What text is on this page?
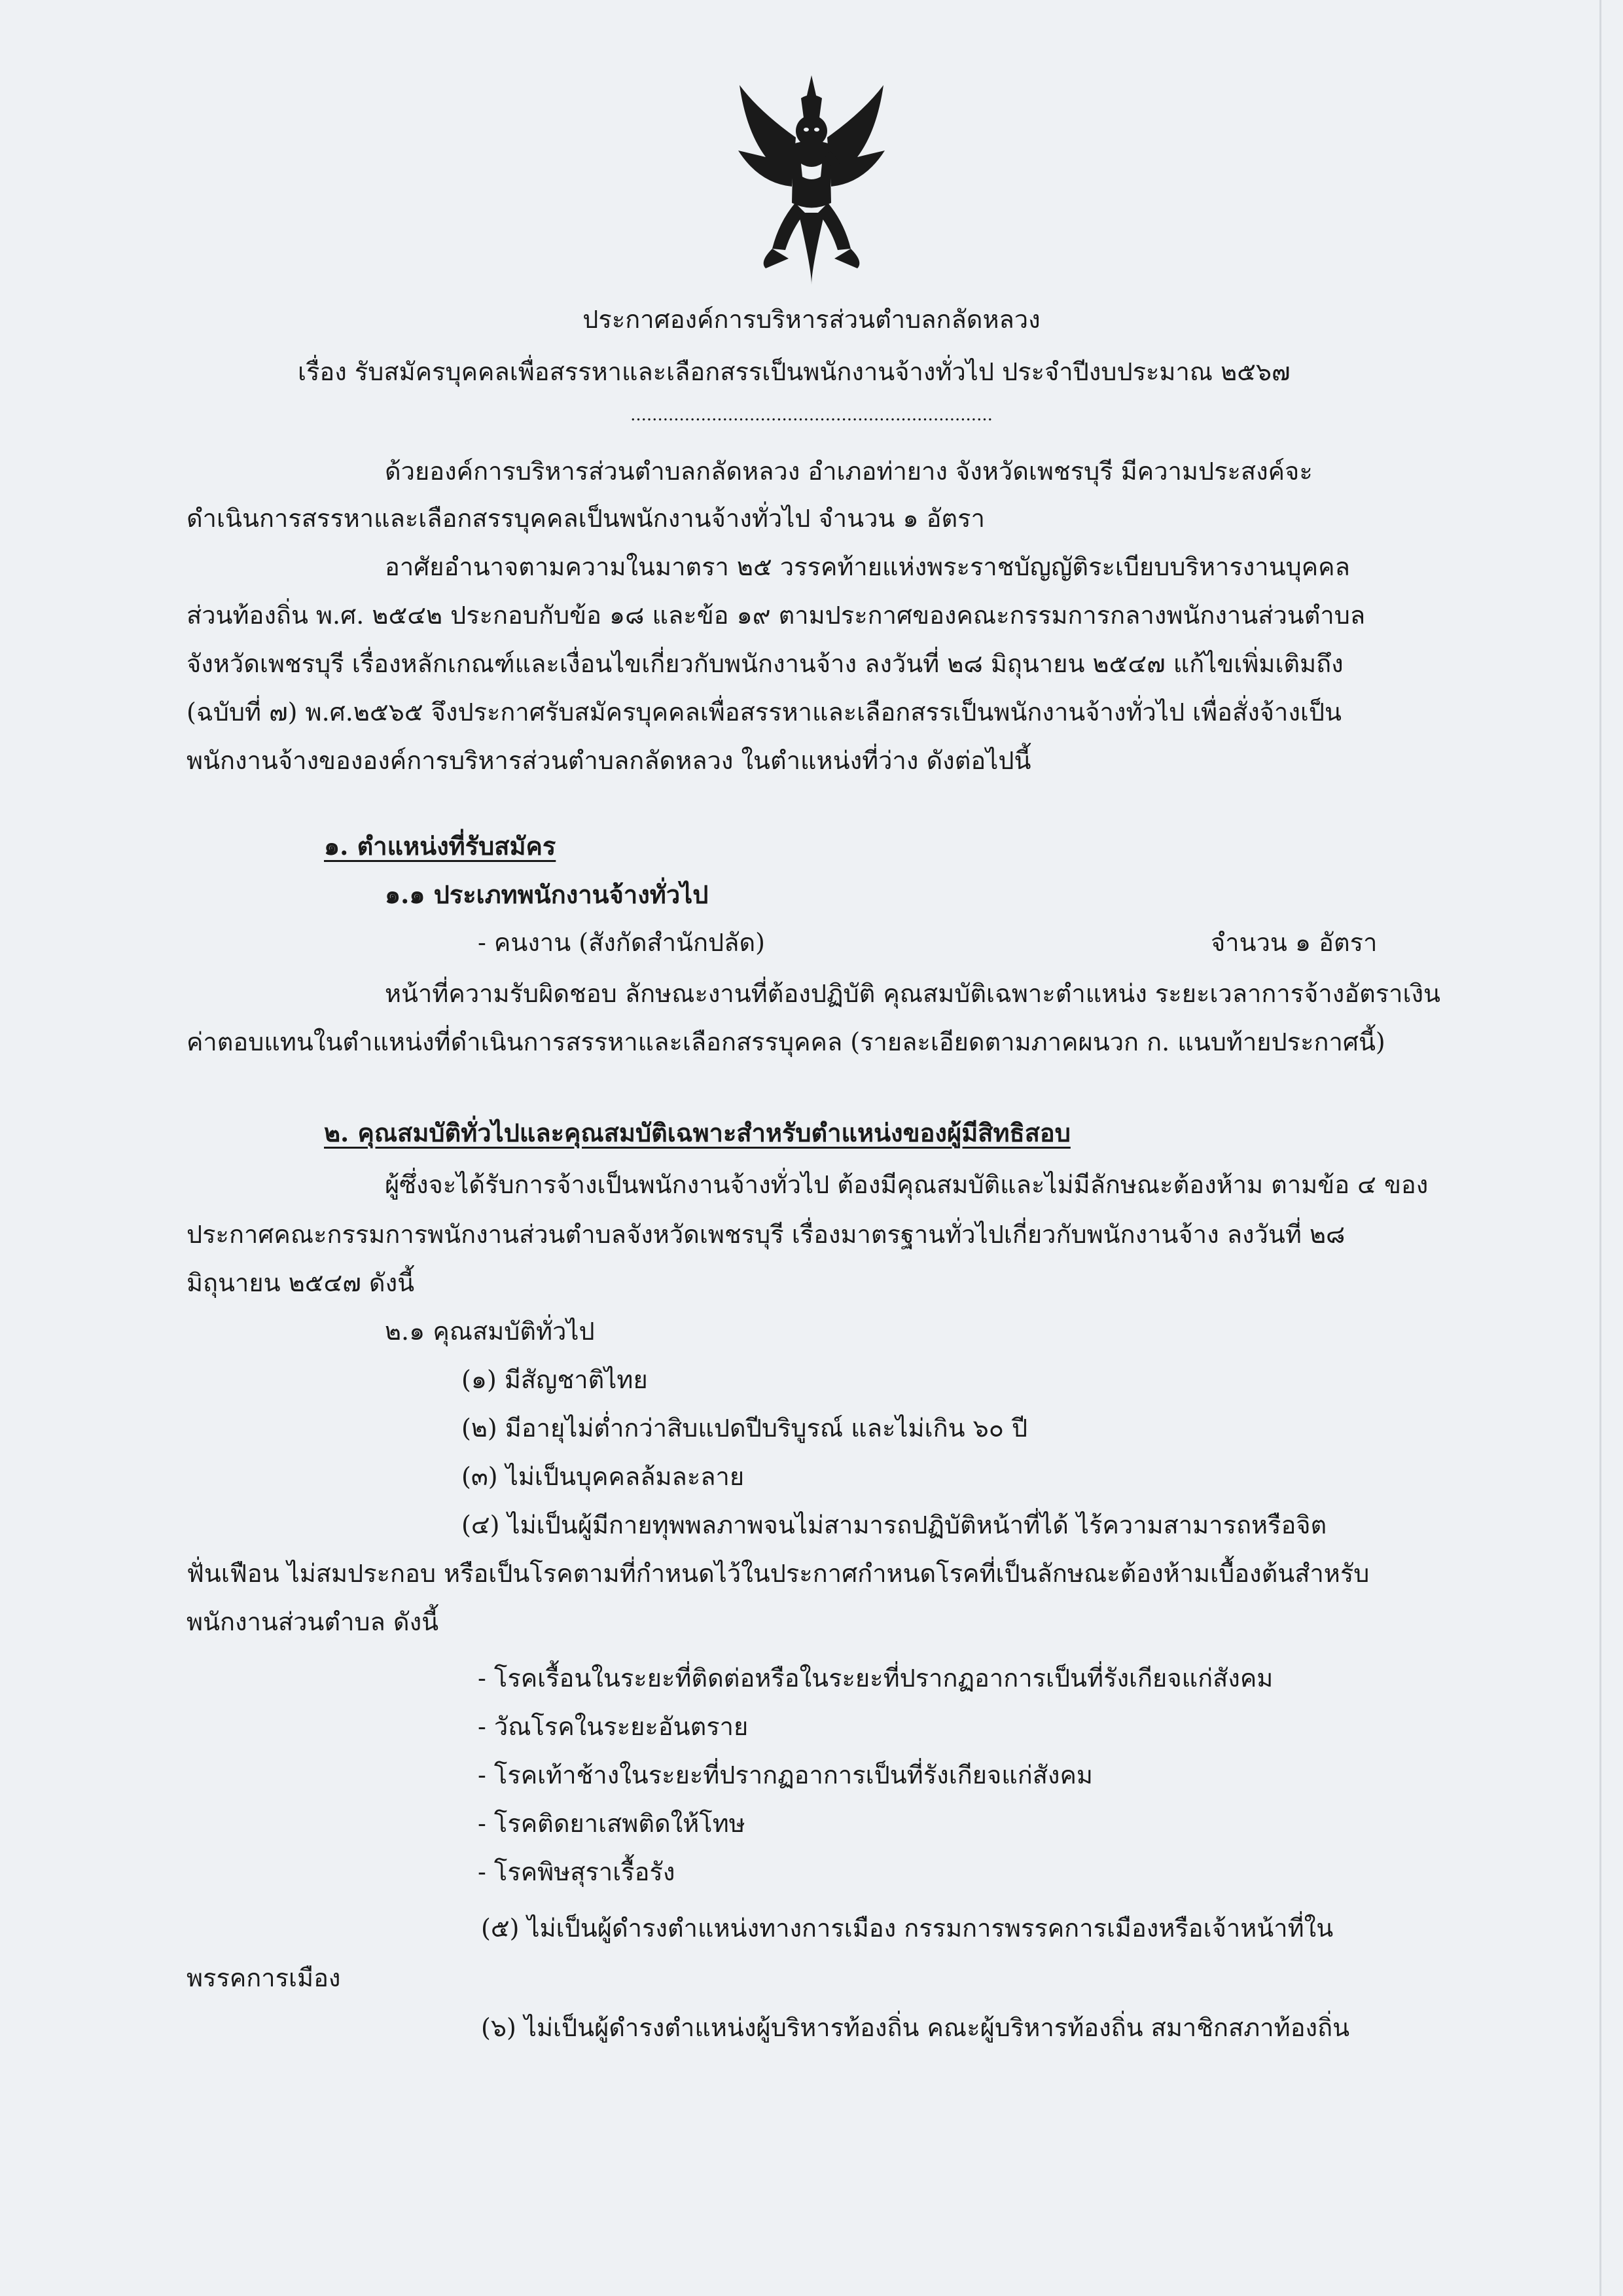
ประกาศองค์การบริหารส่วนตำบลกลัดหลวง
เรื่อง รับสมัครบุคคลเพื่อสรรหาและเลือกสรรเป็นพนักงานจ้างทั่วไป ประจำปีงบประมาณ ๒๕๖๗
...................................................................
ด้วยองค์การบริหารส่วนตำบลกลัดหลวง อำเภอท่ายาง จังหวัดเพชรบุรี มีความประสงค์จะ
ดำเนินการสรรหาและเลือกสรรบุคคลเป็นพนักงานจ้างทั่วไป จำนวน ๑ อัตรา
อาศัยอำนาจตามความในมาตรา ๒๕ วรรคท้ายแห่งพระราชบัญญัติระเบียบบริหารงานบุคคล
ส่วนท้องถิ่น พ.ศ. ๒๕๔๒ ประกอบกับข้อ ๑๘ และข้อ ๑๙ ตามประกาศของคณะกรรมการกลางพนักงานส่วนตำบล
จังหวัดเพชรบุรี เรื่องหลักเกณฑ์และเงื่อนไขเกี่ยวกับพนักงานจ้าง ลงวันที่ ๒๘ มิถุนายน ๒๕๔๗ แก้ไขเพิ่มเติมถึง
(ฉบับที่ ๗) พ.ศ.๒๕๖๕ จึงประกาศรับสมัครบุคคลเพื่อสรรหาและเลือกสรรเป็นพนักงานจ้างทั่วไป เพื่อสั่งจ้างเป็น
พนักงานจ้างขององค์การบริหารส่วนตำบลกลัดหลวง ในตำแหน่งที่ว่าง ดังต่อไปนี้
๑. ตำแหน่งที่รับสมัคร
๑.๑ ประเภทพนักงานจ้างทั่วไป
- คนงาน (สังกัดสำนักปลัด)	จำนวน ๑ อัตรา
หน้าที่ความรับผิดชอบ ลักษณะงานที่ต้องปฏิบัติ คุณสมบัติเฉพาะตำแหน่ง ระยะเวลาการจ้างอัตราเงิน
ค่าตอบแทนในตำแหน่งที่ดำเนินการสรรหาและเลือกสรรบุคคล (รายละเอียดตามภาคผนวก ก. แนบท้ายประกาศนี้)
๒. คุณสมบัติทั่วไปและคุณสมบัติเฉพาะสำหรับตำแหน่งของผู้มีสิทธิสอบ
ผู้ซึ่งจะได้รับการจ้างเป็นพนักงานจ้างทั่วไป ต้องมีคุณสมบัติและไม่มีลักษณะต้องห้าม ตามข้อ ๔ ของ
ประกาศคณะกรรมการพนักงานส่วนตำบลจังหวัดเพชรบุรี เรื่องมาตรฐานทั่วไปเกี่ยวกับพนักงานจ้าง ลงวันที่ ๒๘
มิถุนายน ๒๕๔๗ ดังนี้
๒.๑ คุณสมบัติทั่วไป
(๑) มีสัญชาติไทย
(๒) มีอายุไม่ต่ำกว่าสิบแปดปีบริบูรณ์ และไม่เกิน ๖๐ ปี
(๓) ไม่เป็นบุคคลล้มละลาย
(๔) ไม่เป็นผู้มีกายทุพพลภาพจนไม่สามารถปฏิบัติหน้าที่ได้ ไร้ความสามารถหรือจิต
ฟั่นเฟือน ไม่สมประกอบ หรือเป็นโรคตามที่กำหนดไว้ในประกาศกำหนดโรคที่เป็นลักษณะต้องห้ามเบื้องต้นสำหรับ
พนักงานส่วนตำบล ดังนี้
- โรคเรื้อนในระยะที่ติดต่อหรือในระยะที่ปรากฏอาการเป็นที่รังเกียจแก่สังคม
- วัณโรคในระยะอันตราย
- โรคเท้าช้างในระยะที่ปรากฏอาการเป็นที่รังเกียจแก่สังคม
- โรคติดยาเสพติดให้โทษ
- โรคพิษสุราเรื้อรัง
(๕) ไม่เป็นผู้ดำรงตำแหน่งทางการเมือง กรรมการพรรคการเมืองหรือเจ้าหน้าที่ใน
พรรคการเมือง
(๖) ไม่เป็นผู้ดำรงตำแหน่งผู้บริหารท้องถิ่น คณะผู้บริหารท้องถิ่น สมาชิกสภาท้องถิ่น
